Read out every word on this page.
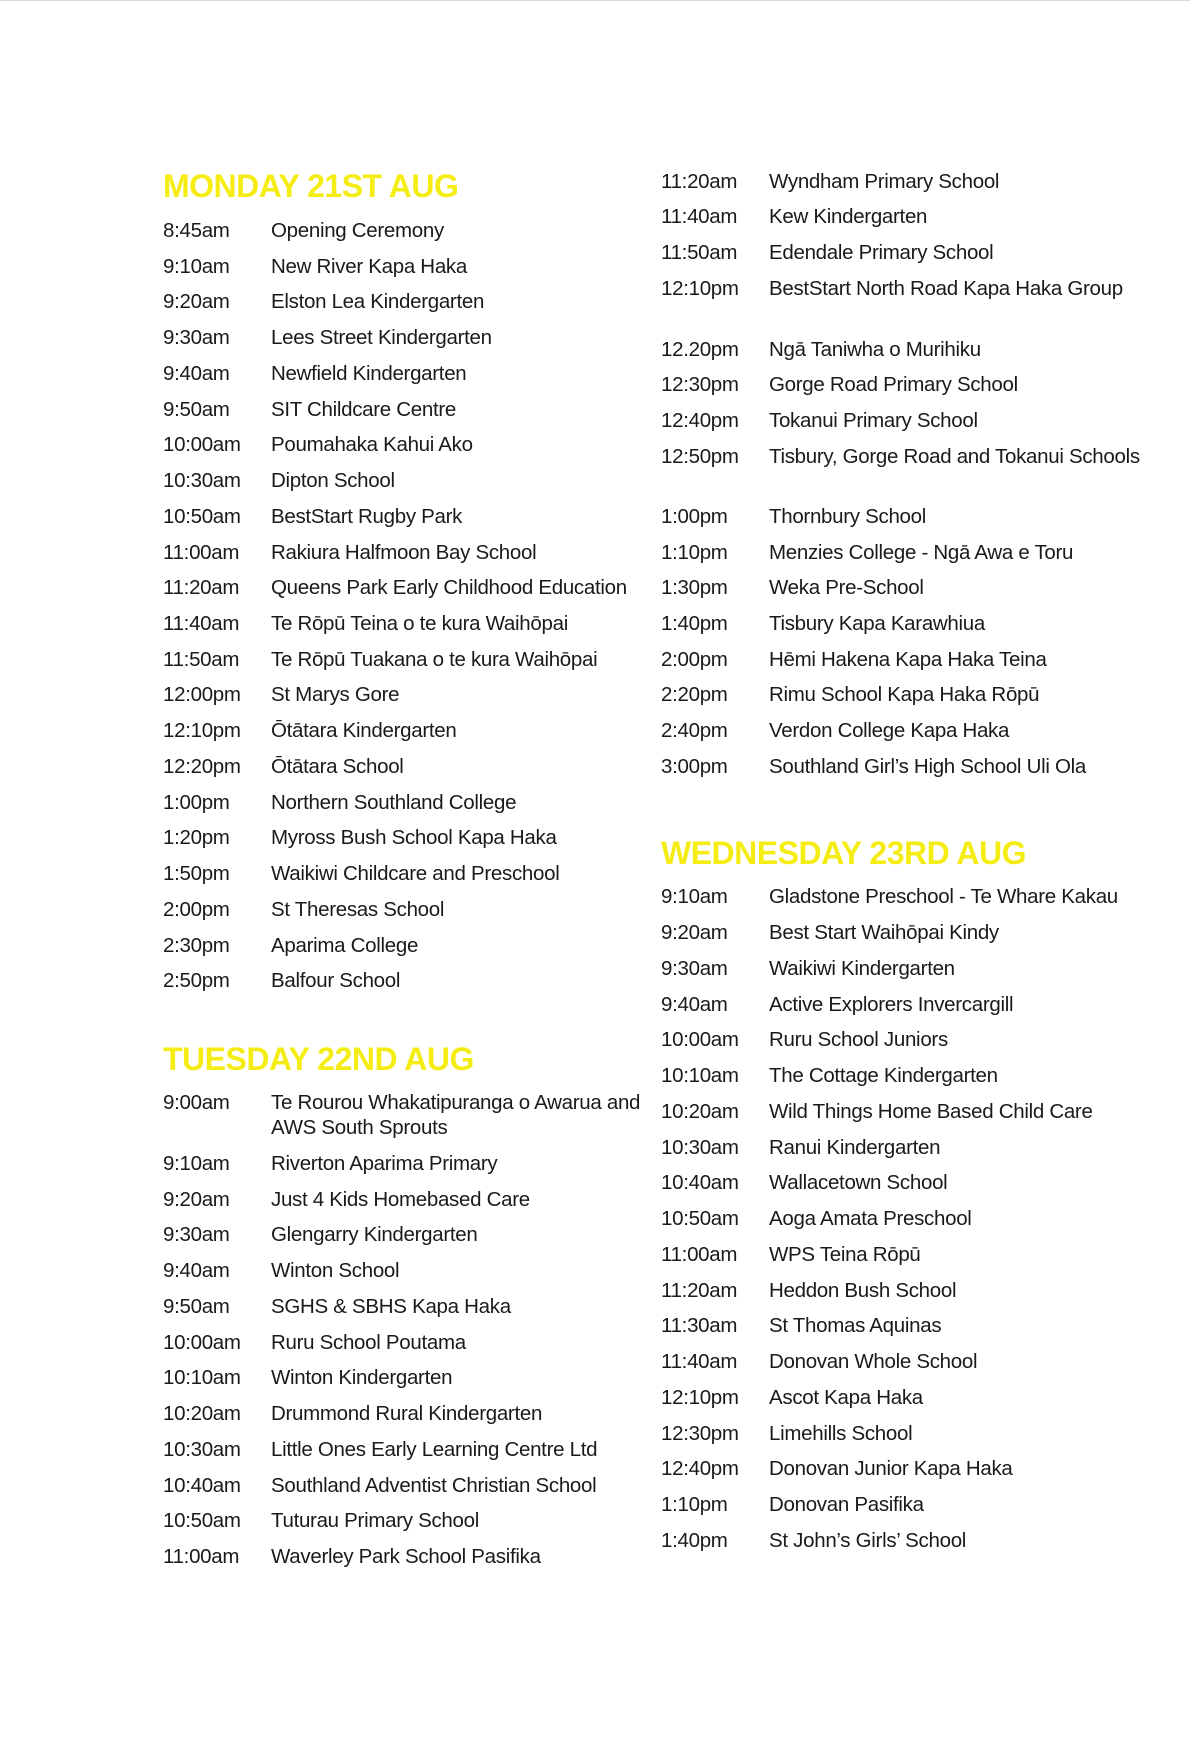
MONDAY 21ST AUG
8:45am	Opening Ceremony
9:10am	New River Kapa Haka
9:20am	Elston Lea Kindergarten
9:30am	Lees Street Kindergarten
9:40am	Newfield Kindergarten
9:50am	SIT Childcare Centre
10:00am	Poumahaka Kahui Ako
10:30am	Dipton School
10:50am	BestStart Rugby Park
11:00am	Rakiura Halfmoon Bay School
11:20am	Queens Park Early Childhood Education
11:40am	Te Rōpū Teina o te kura Waihōpai
11:50am	Te Rōpū Tuakana o te kura Waihōpai
12:00pm	St Marys Gore
12:10pm	Ōtātara Kindergarten
12:20pm	Ōtātara School
1:00pm	Northern Southland College
1:20pm	Myross Bush School Kapa Haka
1:50pm	Waikiwi Childcare and Preschool
2:00pm	St Theresas School
2:30pm	Aparima College
2:50pm	Balfour School
TUESDAY 22ND AUG
9:00am	Te Rourou Whakatipuranga o Awarua and AWS South Sprouts
9:10am	Riverton Aparima Primary
9:20am	Just 4 Kids Homebased Care
9:30am	Glengarry Kindergarten
9:40am	Winton School
9:50am	SGHS & SBHS Kapa Haka
10:00am	Ruru School Poutama
10:10am	Winton Kindergarten
10:20am	Drummond Rural Kindergarten
10:30am	Little Ones Early Learning Centre Ltd
10:40am	Southland Adventist Christian School
10:50am	Tuturau Primary School
11:00am	Waverley Park School Pasifika
11:20am	Wyndham Primary School
11:40am	Kew Kindergarten
11:50am	Edendale Primary School
12:10pm	BestStart North Road Kapa Haka Group
12.20pm	Ngā Taniwha o Murihiku
12:30pm	Gorge Road Primary School
12:40pm	Tokanui Primary School
12:50pm	Tisbury, Gorge Road and Tokanui Schools
1:00pm	Thornbury School
1:10pm	Menzies College - Ngā Awa e Toru
1:30pm	Weka Pre-School
1:40pm	Tisbury Kapa Karawhiua
2:00pm	Hēmi Hakena Kapa Haka Teina
2:20pm	Rimu School Kapa Haka Rōpū
2:40pm	Verdon College Kapa Haka
3:00pm	Southland Girl’s High School Uli Ola
WEDNESDAY 23RD AUG
9:10am	Gladstone Preschool - Te Whare Kakau
9:20am	Best Start Waihōpai Kindy
9:30am	Waikiwi Kindergarten
9:40am	Active Explorers Invercargill
10:00am	Ruru School Juniors
10:10am	The Cottage Kindergarten
10:20am	Wild Things Home Based Child Care
10:30am	Ranui Kindergarten
10:40am	Wallacetown School
10:50am	Aoga Amata Preschool
11:00am	WPS Teina Rōpū
11:20am	Heddon Bush School
11:30am	St Thomas Aquinas
11:40am	Donovan Whole School
12:10pm	Ascot Kapa Haka
12:30pm	Limehills School
12:40pm	Donovan Junior Kapa Haka
1:10pm	Donovan Pasifika
1:40pm	St John’s Girls’ School
